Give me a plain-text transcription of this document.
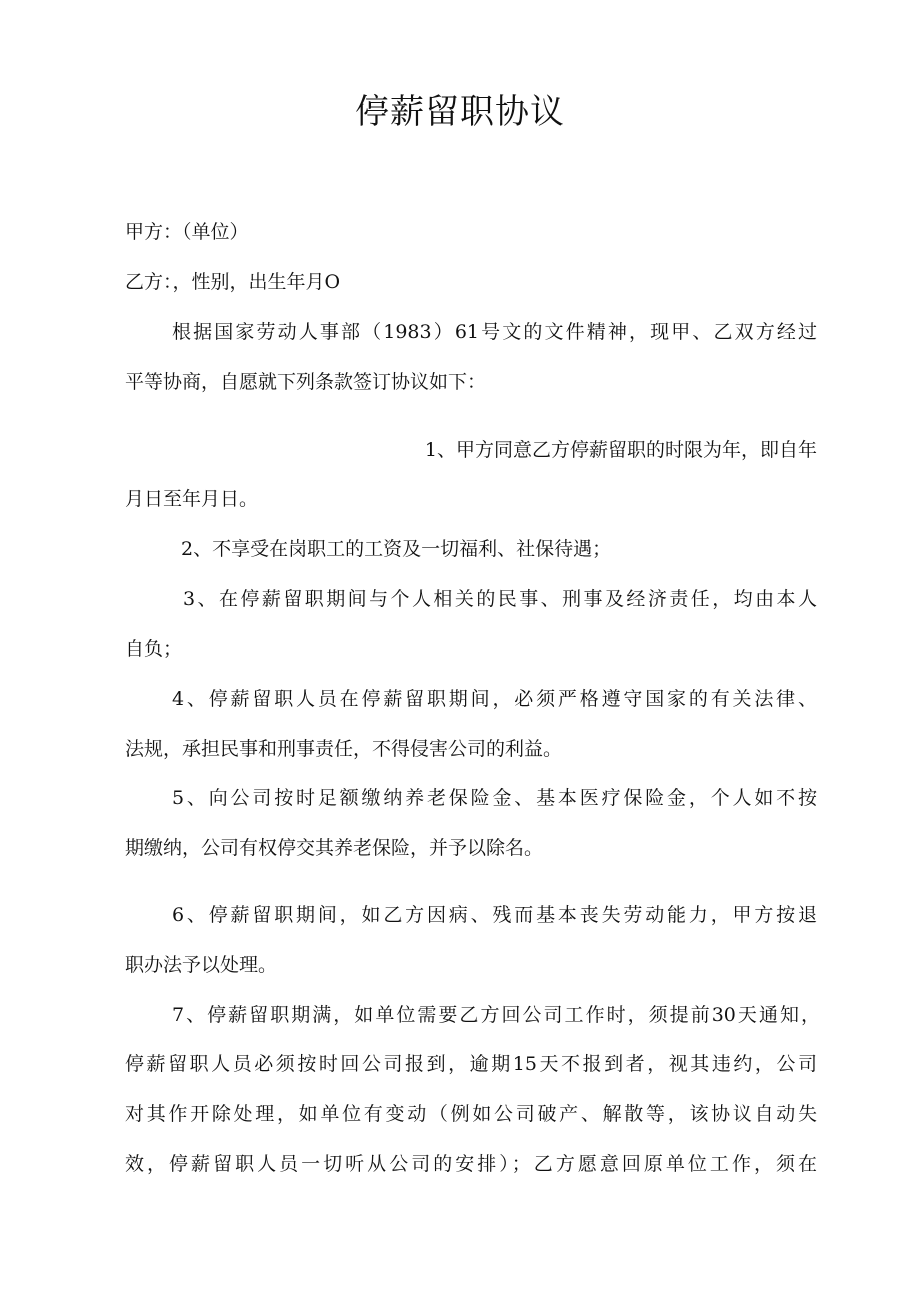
停薪留职协议
甲方：（单位）
乙方：，性别，出生年月O
根据国家劳动人事部（1983）61号文的文件精神，现甲、乙双方经过
平等协商，自愿就下列条款签订协议如下：
1、甲方同意乙方停薪留职的时限为年，即自年
月日至年月日。
2、不享受在岗职工的工资及一切福利、社保待遇；
3、在停薪留职期间与个人相关的民事、刑事及经济责任，均由本人
自负；
4、停薪留职人员在停薪留职期间，必须严格遵守国家的有关法律、
法规，承担民事和刑事责任，不得侵害公司的利益。
5、向公司按时足额缴纳养老保险金、基本医疗保险金，个人如不按
期缴纳，公司有权停交其养老保险，并予以除名。
6、停薪留职期间，如乙方因病、残而基本丧失劳动能力，甲方按退
职办法予以处理。
7、停薪留职期满，如单位需要乙方回公司工作时，须提前30天通知，
停薪留职人员必须按时回公司报到，逾期15天不报到者，视其违约，公司
对其作开除处理，如单位有变动（例如公司破产、解散等，该协议自动失
效，停薪留职人员一切听从公司的安排）；乙方愿意回原单位工作，须在
